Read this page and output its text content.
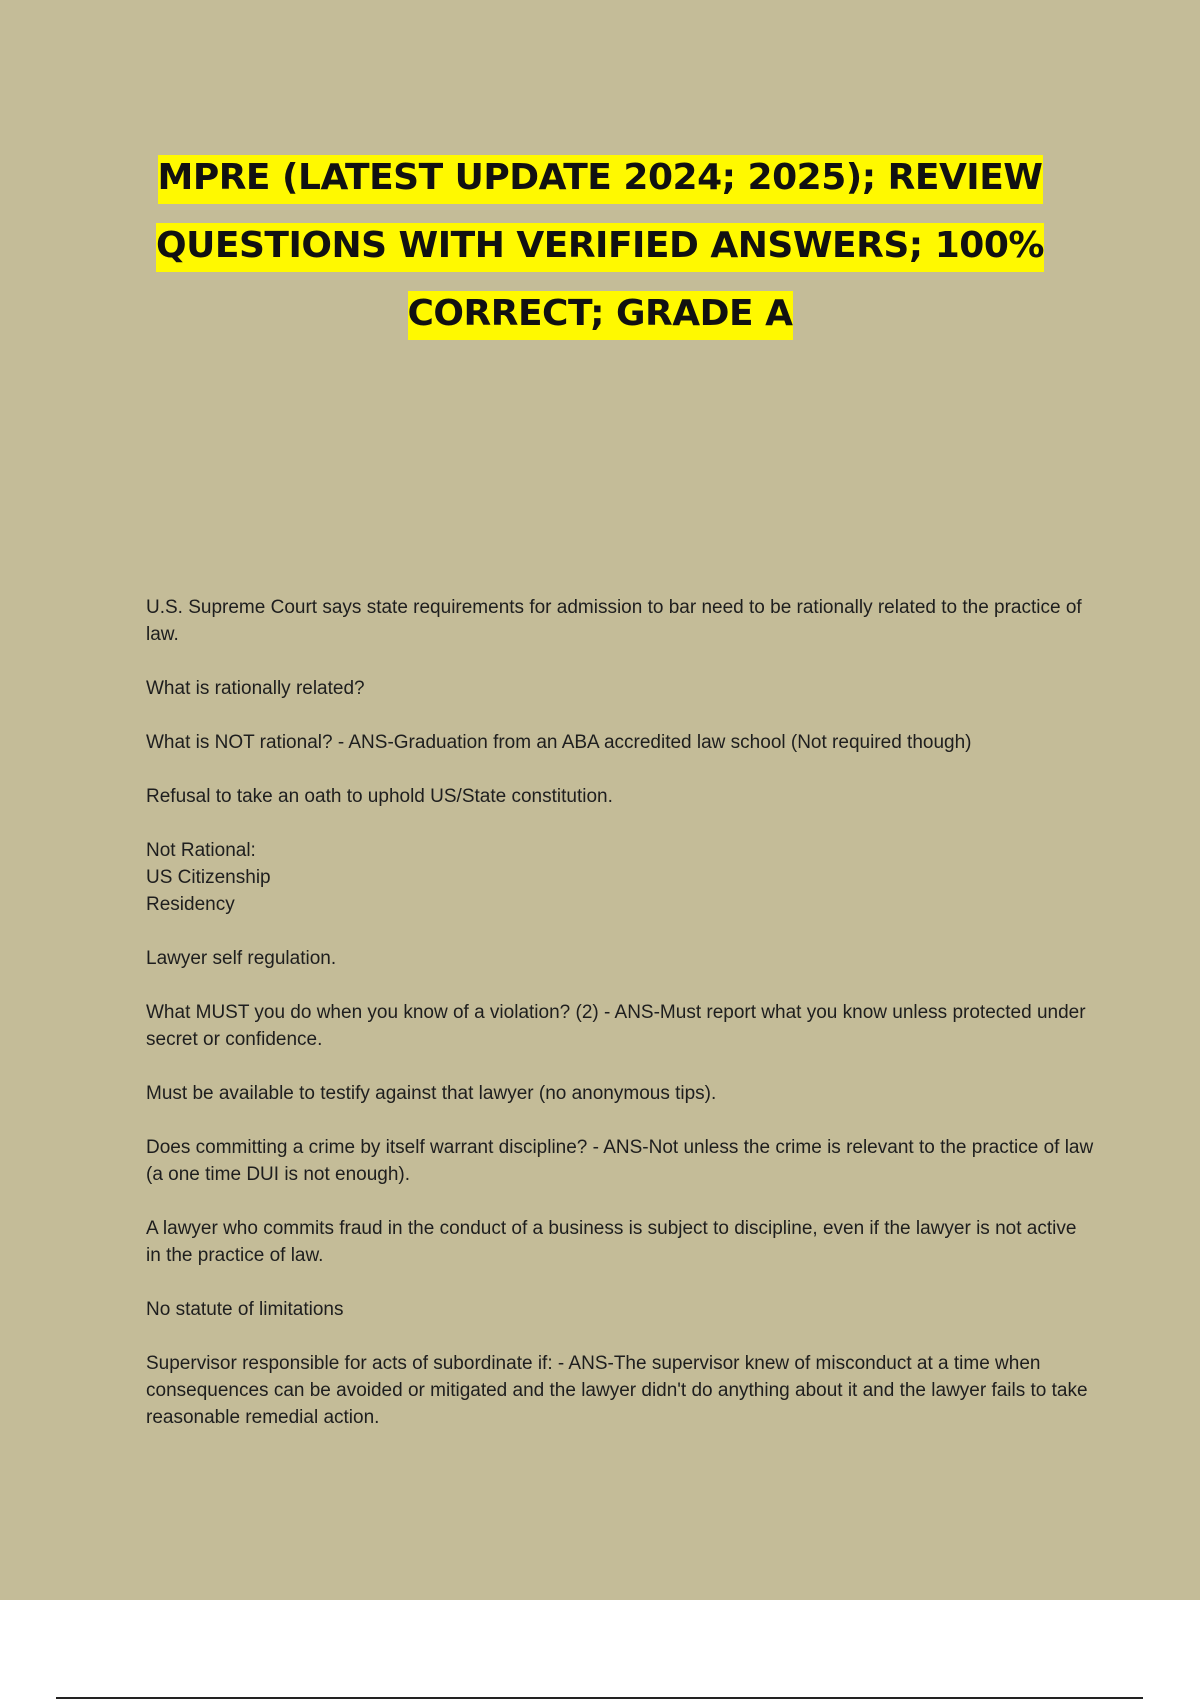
MPRE (LATEST UPDATE 2024; 2025); REVIEW QUESTIONS WITH VERIFIED ANSWERS; 100% CORRECT; GRADE A
U.S. Supreme Court says state requirements for admission to bar need to be rationally related to the practice of law.
What is rationally related?
What is NOT rational? - ANS-Graduation from an ABA accredited law school (Not required though)
Refusal to take an oath to uphold US/State constitution.
Not Rational:
US Citizenship
Residency
Lawyer self regulation.
What MUST you do when you know of a violation? (2) - ANS-Must report what you know unless protected under secret or confidence.
Must be available to testify against that lawyer (no anonymous tips).
Does committing a crime by itself warrant discipline? - ANS-Not unless the crime is relevant to the practice of law (a one time DUI is not enough).
A lawyer who commits fraud in the conduct of a business is subject to discipline, even if the lawyer is not active in the practice of law.
No statute of limitations
Supervisor responsible for acts of subordinate if: - ANS-The supervisor knew of misconduct at a time when consequences can be avoided or mitigated and the lawyer didn't do anything about it and the lawyer fails to take reasonable remedial action.
